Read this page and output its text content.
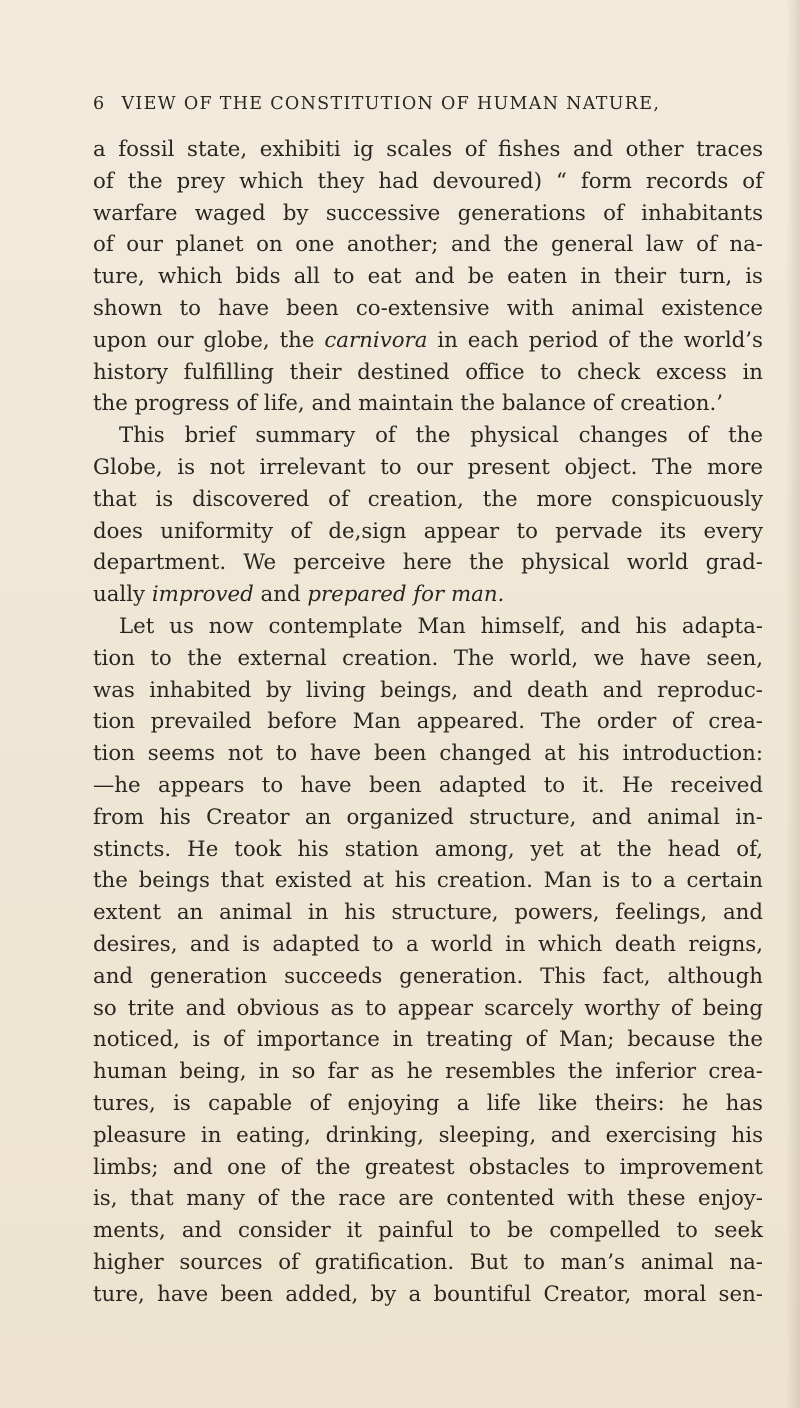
6 VIEW OF THE CONSTITUTION OF HUMAN NATURE,
a fossil state, exhibiti ig scales of fishes and other traces
of the prey which they had devoured) “ form records of
warfare waged by successive generations of inhabitants
of our planet on one another; and the general law of na-
ture, which bids all to eat and be eaten in their turn, is
shown to have been co-extensive with animal existence
upon our globe, the carnivora in each period of the world’s
history fulfilling their destined office to check excess in
the progress of life, and maintain the balance of creation.’
This brief summary of the physical changes of the
Globe, is not irrelevant to our present object. The more
that is discovered of creation, the more conspicuously
does uniformity of de,sign appear to pervade its every
department. We perceive here the physical world grad-
ually improved and prepared for man.
Let us now contemplate Man himself, and his adapta-
tion to the external creation. The world, we have seen,
was inhabited by living beings, and death and reproduc-
tion prevailed before Man appeared. The order of crea-
tion seems not to have been changed at his introduction:
—he appears to have been adapted to it. He received
from his Creator an organized structure, and animal in-
stincts. He took his station among, yet at the head of,
the beings that existed at his creation. Man is to a certain
extent an animal in his structure, powers, feelings, and
desires, and is adapted to a world in which death reigns,
and generation succeeds generation. This fact, although
so trite and obvious as to appear scarcely worthy of being
noticed, is of importance in treating of Man; because the
human being, in so far as he resembles the inferior crea-
tures, is capable of enjoying a life like theirs: he has
pleasure in eating, drinking, sleeping, and exercising his
limbs; and one of the greatest obstacles to improvement
is, that many of the race are contented with these enjoy-
ments, and consider it painful to be compelled to seek
higher sources of gratification. But to man’s animal na-
ture, have been added, by a bountiful Creator, moral sen-
